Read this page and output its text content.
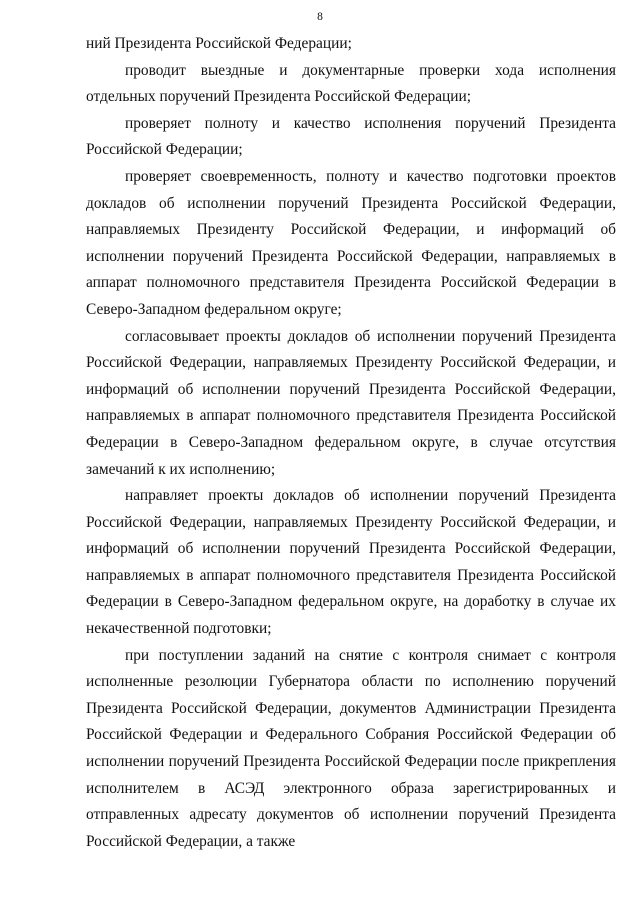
8

ний Президента Российской Федерации;

проводит выездные и документарные проверки хода исполнения отдельных поручений Президента Российской Федерации;

проверяет полноту и качество исполнения поручений Президента Российской Федерации;

проверяет своевременность, полноту и качество подготовки проектов докладов об исполнении поручений Президента Российской Федерации, направляемых Президенту Российской Федерации, и информаций об исполнении поручений Президента Российской Федерации, направляемых в аппарат полномочного представителя Президента Российской Федерации в Северо-Западном федеральном округе;

согласовывает проекты докладов об исполнении поручений Президента Российской Федерации, направляемых Президенту Российской Федерации, и информаций об исполнении поручений Президента Российской Федерации, направляемых в аппарат полномочного представителя Президента Российской Федерации в Северо-Западном федеральном округе, в случае отсутствия замечаний к их исполнению;

направляет проекты докладов об исполнении поручений Президента Российской Федерации, направляемых Президенту Российской Федерации, и информаций об исполнении поручений Президента Российской Федерации, направляемых в аппарат полномочного представителя Президента Российской Федерации в Северо-Западном федеральном округе, на доработку в случае их некачественной подготовки;

при поступлении заданий на снятие с контроля снимает с контроля исполненные резолюции Губернатора области по исполнению поручений Президента Российской Федерации, документов Администрации Президента Российской Федерации и Федерального Собрания Российской Федерации об исполнении поручений Президента Российской Федерации после прикрепления исполнителем в АСЭД электронного образа зарегистрированных и отправленных адресату документов об исполнении поручений Президента Российской Федерации, а также
